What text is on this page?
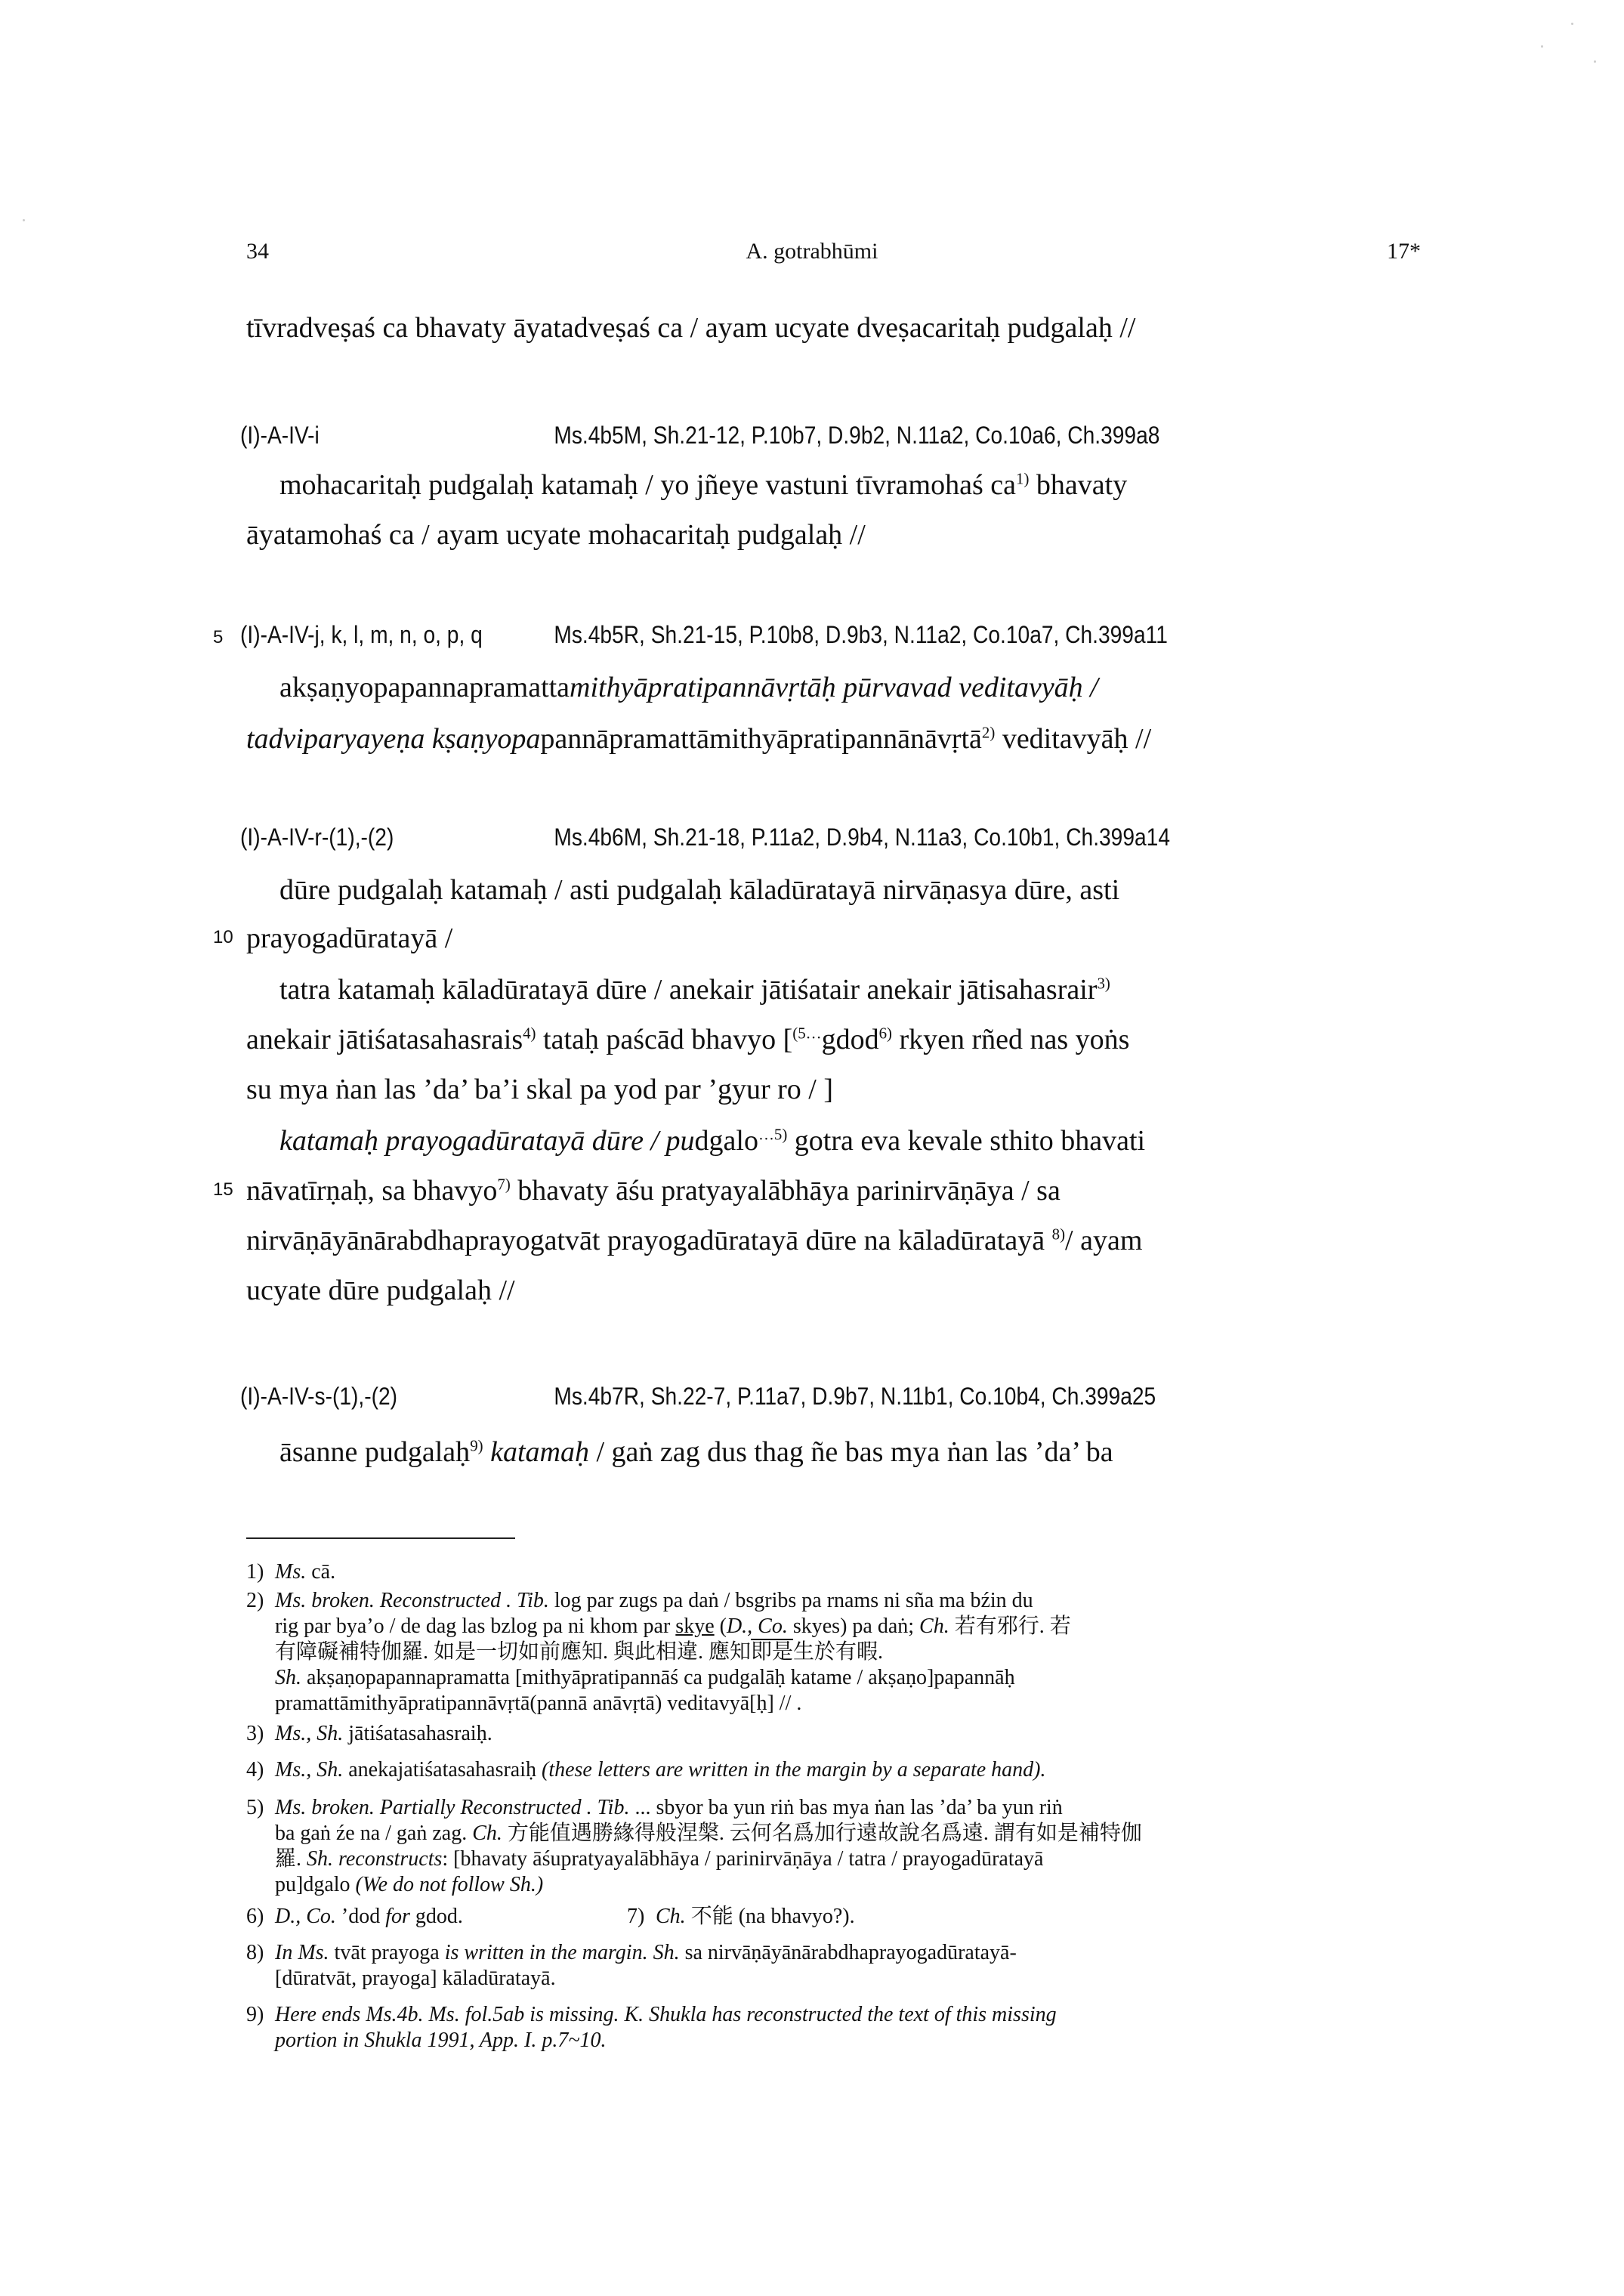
34	A. gotrabhūmi	17*
tīvradveṣaś ca bhavaty āyatadveṣaś ca / ayam ucyate dveṣacaritaḥ pudgalaḥ //
(I)-A-IV-i	Ms.4b5M, Sh.21-12, P.10b7, D.9b2, N.11a2, Co.10a6, Ch.399a8
mohacaritaḥ pudgalaḥ katamaḥ / yo jñeye vastuni tīvramohaś $ca^{1)}$ bhavaty
āyatamohaś ca / ayam ucyate mohacaritaḥ pudgalaḥ //
5 (I)-A-IV-j, k, l, m, n, o, p, q	Ms.4b5R, Sh.21-15, P.10b8, D.9b3, N.11a2, Co.10a7, Ch.399a11
akṣaṇyopapannapramattamithyāpratipannāvṛtāḥ pūrvavad veditavyāḥ /
tadviparyayeṇa kṣaṇyopapannāpramattāmithyāpratipannānāvṛtā$^{2)}$ veditavyāḥ //
(I)-A-IV-r-(1),-(2)	Ms.4b6M, Sh.21-18, P.11a2, D.9b4, N.11a3, Co.10b1, Ch.399a14
dūre pudgalaḥ katamaḥ / asti pudgalaḥ kāladūratayā nirvāṇasya dūre, asti
10 prayogadūratayā /
tatra katamaḥ kāladūratayā dūre / anekair jātiśatair anekair jātisahasrair$^{3)}$
anekair jātiśatasahasrais$^{4)}$ tataḥ paścād bhavyo [$^{(5\dots}$gdod$^{6)}$ rkyen rñed nas yoṅs
su mya ṅan las ’da’ ba’i skal pa yod par ’gyur ro / ]
katamaḥ prayogadūratayā dūre / pudgalo$^{\dots 5)}$ gotra eva kevale sthito bhavati
15 nāvatīrṇaḥ, sa bhavyo$^{7)}$ bhavaty āśu pratyayalābhāya parinirvāṇāya / sa
nirvāṇāyānārabdhaprayogatvāt prayogadūratayā dūre na kāladūratayā $^{8)}$/ ayam
ucyate dūre pudgalaḥ //
(I)-A-IV-s-(1),-(2)	Ms.4b7R, Sh.22-7, P.11a7, D.9b7, N.11b1, Co.10b4, Ch.399a25
āsanne pudgalaḥ$^{9)}$ katamaḥ / gaṅ zag dus thag ñe bas mya ṅan las ’da’ ba
1) Ms. cā.
2) Ms. broken. Reconstructed . Tib. log par zugs pa daṅ / bsgribs pa rnams ni sña ma bźin du
rig par bya’o / de dag las bzlog pa ni khom par skye (D., Co. skyes) pa daṅ; Ch. 若有邪行. 若
有障礙補特伽羅. 如是一切如前應知. 與此相違. 應知即是生於有暇.
Sh. akṣaṇopapannapramatta [mithyāpratipannāś ca pudgalāḥ katame / akṣaṇo]papannāḥ
pramattāmithyāpratipannāvṛtā(pannā anāvṛtā) veditavyā[ḥ] // .
3) Ms., Sh. jātiśatasahasraiḥ.
4) Ms., Sh. anekajatiśatasahasraiḥ (these letters are written in the margin by a separate hand).
5) Ms. broken. Partially Reconstructed . Tib. ... sbyor ba yun riṅ bas mya ṅan las ’da’ ba yun riṅ
ba gaṅ źe na / gaṅ zag. Ch. 方能值遇勝緣得般涅槃. 云何名爲加行遠故說名爲遠. 謂有如是補特伽
羅. Sh. reconstructs: [bhavaty āśupratyayalābhāya / parinirvāṇāya / tatra / prayogadūratayā
pu]dgalo (We do not follow Sh.)
6) D., Co. ’dod for gdod.	7) Ch. 不能 (na bhavyo?).
8) In Ms. tvāt prayoga is written in the margin. Sh. sa nirvāṇāyānārabdhaprayogadūratayā-
[dūratvāt, prayoga] kāladūratayā.
9) Here ends Ms.4b. Ms. fol.5ab is missing. K. Shukla has reconstructed the text of this missing
portion in Shukla 1991, App. I. p.7~10.
